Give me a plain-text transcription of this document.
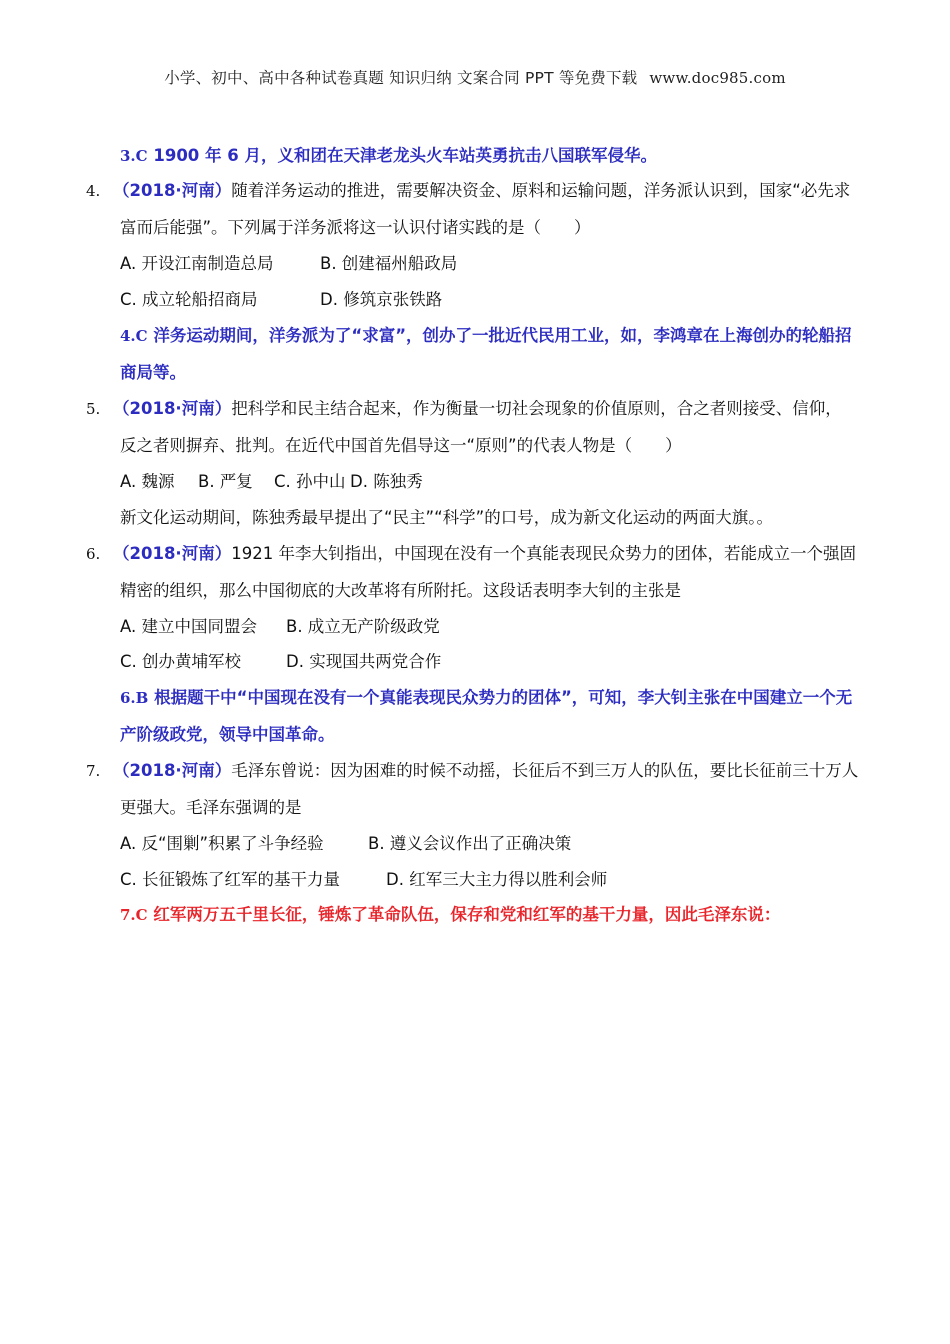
小学、初中、高中各种试卷真题 知识归纳 文案合同 PPT 等免费下载 www.doc985.com
3.C 1900 年 6 月，义和团在天津老龙头火车站英勇抗击八国联军侵华。
4. （2018·河南）随着洋务运动的推进，需要解决资金、原料和运输问题，洋务派认识到，国家“必先求
富而后能强”。下列属于洋务派将这一认识付诸实践的是（　　）
A. 开设江南制造总局	B. 创建福州船政局
C. 成立轮船招商局	D. 修筑京张铁路
4.C 洋务运动期间，洋务派为了“求富”，创办了一批近代民用工业，如，李鸿章在上海创办的轮船招
商局等。
5. （2018·河南）把科学和民主结合起来，作为衡量一切社会现象的价值原则，合之者则接受、信仰，
反之者则摒弃、批判。在近代中国首先倡导这一“原则”的代表人物是（　　）
A. 魏源 B. 严复 C. 孙中山 D. 陈独秀
新文化运动期间，陈独秀最早提出了“民主”“科学”的口号，成为新文化运动的两面大旗。。
6. （2018·河南）1921 年李大钊指出，中国现在没有一个真能表现民众势力的团体，若能成立一个强固
精密的组织，那么中国彻底的大改革将有所附托。这段话表明李大钊的主张是
A. 建立中国同盟会 B. 成立无产阶级政党
C. 创办黄埔军校	D. 实现国共两党合作
6.B 根据题干中“中国现在没有一个真能表现民众势力的团体”，可知，李大钊主张在中国建立一个无
产阶级政党，领导中国革命。
7. （2018·河南）毛泽东曾说：因为困难的时候不动摇，长征后不到三万人的队伍，要比长征前三十万人
更强大。毛泽东强调的是
A. 反“围剿”积累了斗争经验	B. 遵义会议作出了正确决策
C. 长征锻炼了红军的基干力量	D. 红军三大主力得以胜利会师
7.C 红军两万五千里长征，锤炼了革命队伍，保存和党和红军的基干力量，因此毛泽东说：
